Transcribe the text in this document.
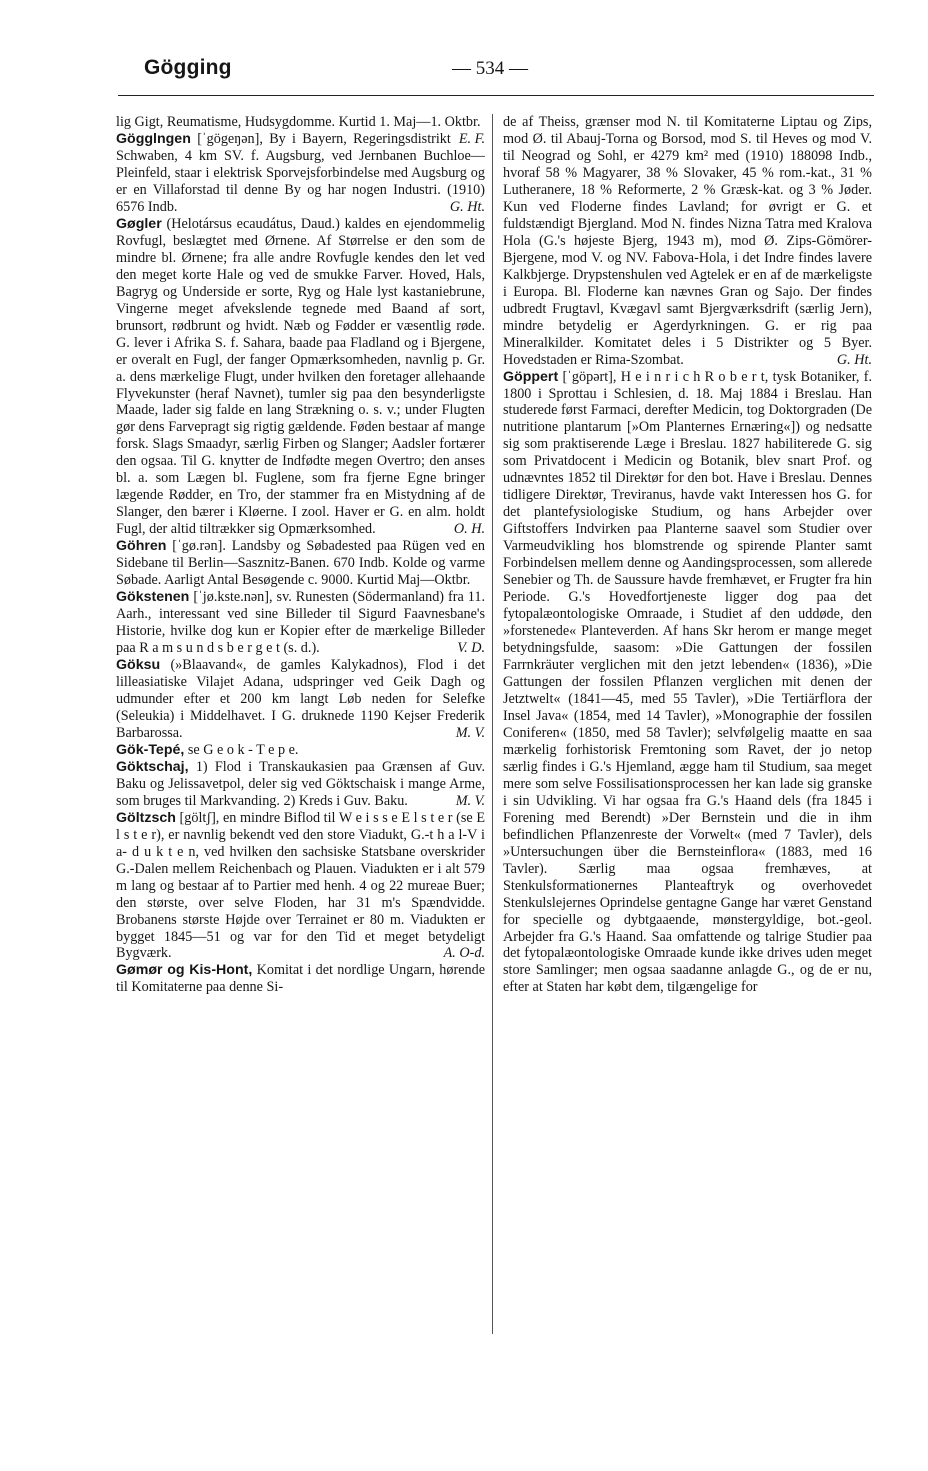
Gögging	— 534 —

lig Gigt, Reumatisme, Hudsygdomme. Kurtid 1. Maj—1. Oktbr.
E. F.

Gögglngen [ˈgögeŋən], By i Bayern, Regeringsdistrikt Schwaben, 4 km SV. f. Augsburg, ved Jernbanen Buchloe—Pleinfeld, staar i elektrisk Sporvejsforbindelse med Augsburg og er en Villaforstad til denne By og har nogen Industri. (1910) 6576 Indb.	G. Ht.

Gøgler (Helotársus ecaudátus, Daud.) kaldes en ejendommelig Rovfugl, beslægtet med Ørnene. Af Størrelse er den som de mindre bl. Ørnene; fra alle andre Rovfugle kendes den let ved den meget korte Hale og ved de smukke Farver. Hoved, Hals, Bagryg og Underside er sorte, Ryg og Hale lyst kastaniebrune, Vingerne meget afvekslende tegnede med Baand af sort, brunsort, rødbrunt og hvidt. Næb og Fødder er væsentlig røde. G. lever i Afrika S. f. Sahara, baade paa Fladland og i Bjergene, er overalt en Fugl, der fanger Opmærksomheden, navnlig p. Gr. a. dens mærkelige Flugt, under hvilken den foretager allehaande Flyvekunster (heraf Navnet), tumler sig paa den besynderligste Maade, lader sig falde en lang Strækning o. s. v.; under Flugten gør dens Farvepragt sig rigtig gældende. Føden bestaar af mange forsk. Slags Smaadyr, særlig Firben og Slanger; Aadsler fortærer den ogsaa. Til G. knytter de Indfødte megen Overtro; den anses bl. a. som Lægen bl. Fuglene, som fra fjerne Egne bringer lægende Rødder, en Tro, der stammer fra en Mistydning af de Slanger, den bærer i Kløerne. I zool. Haver er G. en alm. holdt Fugl, der altid tiltrækker sig Opmærksomhed.	O. H.

Göhren [ˈgø.rən]. Landsby og Søbadested paa Rügen ved en Sidebane til Berlin—Sasznitz-Banen. 670 Indb. Kolde og varme Søbade. Aarligt Antal Besøgende c. 9000. Kurtid Maj—Oktbr.

Gökstenen [ˈjø.kste.nən], sv. Runesten (Södermanland) fra 11. Aarh., interessant ved sine Billeder til Sigurd Faavnesbane's Historie, hvilke dog kun er Kopier efter de mærkelige Billeder paa R a m s u n d s b e r g e t (s. d.).	V. D.

Göksu (»Blaavand«, de gamles Kalykadnos), Flod i det lilleasiatiske Vilajet Adana, udspringer ved Geik Dagh og udmunder efter et 200 km langt Løb neden for Selefke (Seleukia) i Middelhavet. I G. druknede 1190 Kejser Frederik Barbarossa.	M. V.

Gök-Tepé, se G e o k - T e p e.

Göktschaj, 1) Flod i Transkaukasien paa Grænsen af Guv. Baku og Jelissavetpol, deler sig ved Göktschaisk i mange Arme, som bruges til Markvanding. 2) Kreds i Guv. Baku.	M. V.

Göltzsch [göltʃ], en mindre Biflod til W e i s s e E l s t e r (se E l s t e r), er navnlig bekendt ved den store Viadukt, G.-t h a l-V i a- d u k t e n, ved hvilken den sachsiske Statsbane overskrider G.-Dalen mellem Reichenbach og Plauen. Viadukten er i alt 579 m lang og bestaar af to Partier med henh. 4 og 22 mureae Buer; den største, over selve Floden, har 31 m's Spændvidde. Brobanens største Højde over Terrainet er 80 m. Viadukten er bygget 1845—51 og var for den Tid et meget betydeligt Bygværk.	A. O-d.

Gømør og Kis-Hont, Komitat i det nordlige Ungarn, hørende til Komitaterne paa denne Si-

de af Theiss, grænser mod N. til Komitaterne Liptau og Zips, mod Ø. til Abauj-Torna og Borsod, mod S. til Heves og mod V. til Neograd og Sohl, er 4279 km² med (1910) 188098 Indb., hvoraf 58 % Magyarer, 38 % Slovaker, 45 % rom.-kat., 31 % Lutheranere, 18 % Reformerte, 2 % Græsk-kat. og 3 % Jøder. Kun ved Floderne findes Lavland; for øvrigt er G. et fuldstændigt Bjergland. Mod N. findes Nizna Tatra med Kralova Hola (G.'s højeste Bjerg, 1943 m), mod Ø. Zips-Gömörer-Bjergene, mod V. og NV. Fabova-Hola, i det Indre findes lavere Kalkbjerge. Drypstenshulen ved Agtelek er en af de mærkeligste i Europa. Bl. Floderne kan nævnes Gran og Sajo. Der findes udbredt Frugtavl, Kvægavl samt Bjergværksdrift (særlig Jern), mindre betydelig er Agerdyrkningen. G. er rig paa Mineralkilder. Komitatet deles i 5 Distrikter og 5 Byer. Hovedstaden er Rima-Szombat.	G. Ht.

Göppert [ˈgöpərt], H e i n r i c h R o b e r t, tysk Botaniker, f. 1800 i Sprottau i Schlesien, d. 18. Maj 1884 i Breslau. Han studerede først Farmaci, derefter Medicin, tog Doktorgraden (De nutritione plantarum [»Om Planternes Ernæring«]) og nedsatte sig som praktiserende Læge i Breslau. 1827 habiliterede G. sig som Privatdocent i Medicin og Botanik, blev snart Prof. og udnævntes 1852 til Direktør for den bot. Have i Breslau. Dennes tidligere Direktør, Treviranus, havde vakt Interessen hos G. for det plantefysiologiske Studium, og hans Arbejder over Giftstoffers Indvirken paa Planterne saavel som Studier over Varmeudvikling hos blomstrende og spirende Planter samt Forbindelsen mellem denne og Aandingsprocessen, som allerede Senebier og Th. de Saussure havde fremhævet, er Frugter fra hin Periode. G.'s Hovedfortjeneste ligger dog paa det fytopalæontologiske Omraade, i Studiet af den uddøde, den »forstenede« Planteverden. Af hans Skr herom er mange meget betydningsfulde, saasom: »Die Gattungen der fossilen Farrnkräuter verglichen mit den jetzt lebenden« (1836), »Die Gattungen der fossilen Pflanzen verglichen mit denen der Jetztwelt« (1841—45, med 55 Tavler), »Die Tertiärflora der Insel Java« (1854, med 14 Tavler), »Monographie der fossilen Coniferen« (1850, med 58 Tavler); selvfølgelig maatte en saa mærkelig forhistorisk Fremtoning som Ravet, der jo netop særlig findes i G.'s Hjemland, ægge ham til Studium, saa meget mere som selve Fossilisationsprocessen her kan lade sig granske i sin Udvikling. Vi har ogsaa fra G.'s Haand dels (fra 1845 i Forening med Berendt) »Der Bernstein und die in ihm befindlichen Pflanzenreste der Vorwelt« (med 7 Tavler), dels »Untersuchungen über die Bernsteinflora« (1883, med 16 Tavler). Særlig maa ogsaa fremhæves, at Stenkulsformationernes Planteaftryk og overhovedet Stenkulslejernes Oprindelse gentagne Gange har været Genstand for specielle og dybtgaaende, mønstergyldige, bot.-geol. Arbejder fra G.'s Haand. Saa omfattende og talrige Studier paa det fytopalæontologiske Omraade kunde ikke drives uden meget store Samlinger; men ogsaa saadanne anlagde G., og de er nu, efter at Staten har købt dem, tilgængelige for
